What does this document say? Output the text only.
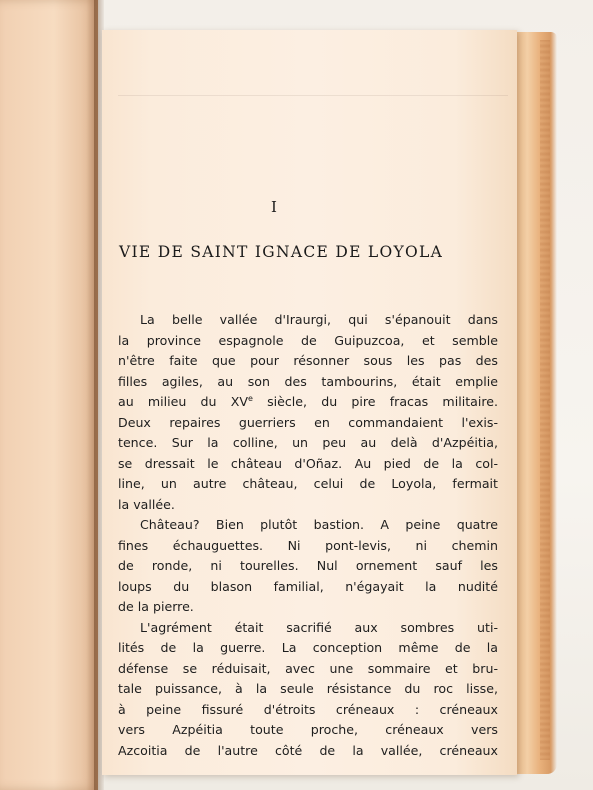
I
VIE DE SAINT IGNACE DE LOYOLA
La belle vallée d'Iraurgi, qui s'épanouit dans
la province espagnole de Guipuzcoa, et semble
n'être faite que pour résonner sous les pas des
filles agiles, au son des tambourins, était emplie
au milieu du XVe siècle, du pire fracas militaire.
Deux repaires guerriers en commandaient l'exis-
tence. Sur la colline, un peu au delà d'Azpéitia,
se dressait le château d'Oñaz. Au pied de la col-
line, un autre château, celui de Loyola, fermait
la vallée.
Château? Bien plutôt bastion. A peine quatre
fines échauguettes. Ni pont-levis, ni chemin
de ronde, ni tourelles. Nul ornement sauf les
loups du blason familial, n'égayait la nudité
de la pierre.
L'agrément était sacrifié aux sombres uti-
lités de la guerre. La conception même de la
défense se réduisait, avec une sommaire et bru-
tale puissance, à la seule résistance du roc lisse,
à peine fissuré d'étroits créneaux : créneaux
vers Azpéitia toute proche, créneaux vers
Azcoitia de l'autre côté de la vallée, créneaux
